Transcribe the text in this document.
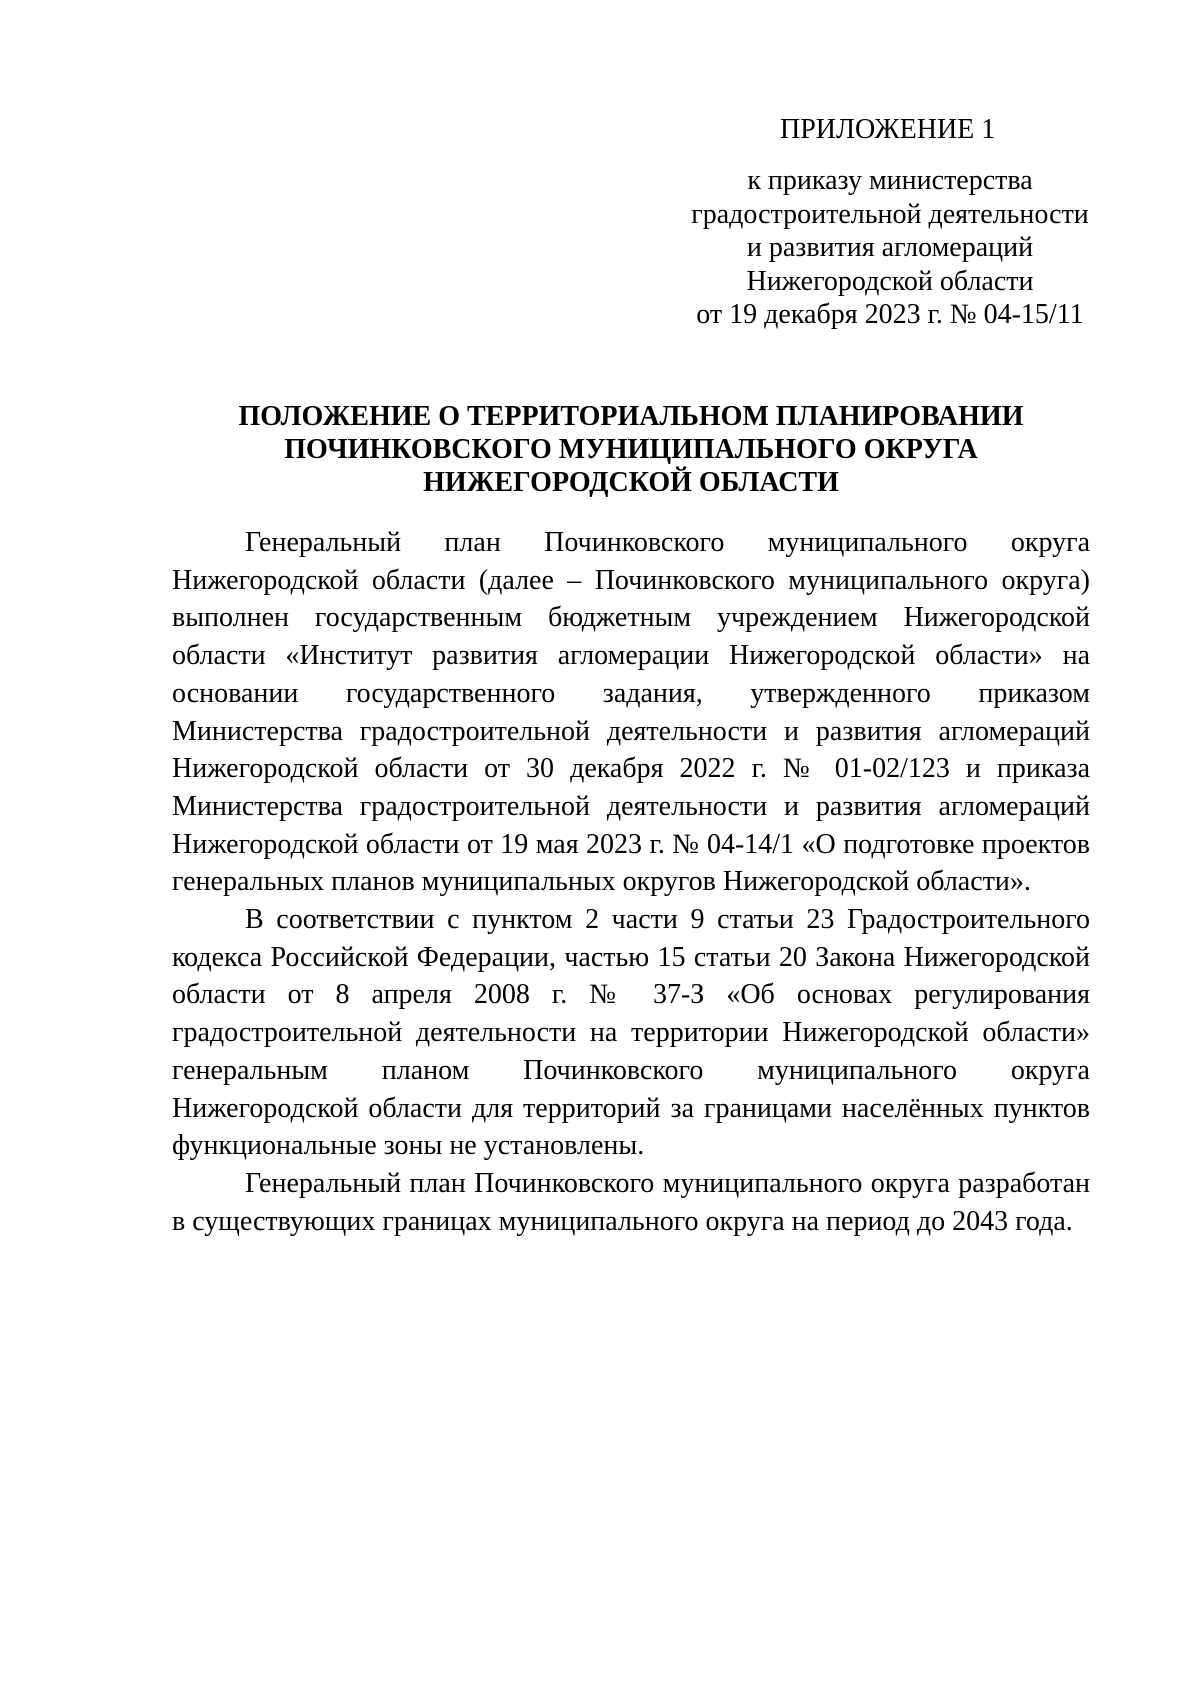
ПРИЛОЖЕНИЕ 1
к приказу министерства
градостроительной деятельности
и развития агломераций
Нижегородской области
от 19 декабря 2023 г. № 04-15/11
ПОЛОЖЕНИЕ О ТЕРРИТОРИАЛЬНОМ ПЛАНИРОВАНИИ
ПОЧИНКОВСКОГО МУНИЦИПАЛЬНОГО ОКРУГА
НИЖЕГОРОДСКОЙ ОБЛАСТИ

Генеральный план Починковского муниципального округа Нижегородской области (далее – Починковского муниципального округа) выполнен государственным бюджетным учреждением Нижегородской области «Институт развития агломерации Нижегородской области» на основании государственного задания, утвержденного приказом Министерства градостроительной деятельности и развития агломераций Нижегородской области от 30 декабря 2022 г. № 01-02/123 и приказа Министерства градостроительной деятельности и развития агломераций Нижегородской области от 19 мая 2023 г. № 04-14/1 «О подготовке проектов генеральных планов муниципальных округов Нижегородской области».

В соответствии с пунктом 2 части 9 статьи 23 Градостроительного кодекса Российской Федерации, частью 15 статьи 20 Закона Нижегородской области от 8 апреля 2008 г. № 37-З «Об основах регулирования градостроительной деятельности на территории Нижегородской области» генеральным планом Починковского муниципального округа Нижегородской области для территорий за границами населённых пунктов функциональные зоны не установлены.

Генеральный план Починковского муниципального округа разработан в существующих границах муниципального округа на период до 2043 года.
